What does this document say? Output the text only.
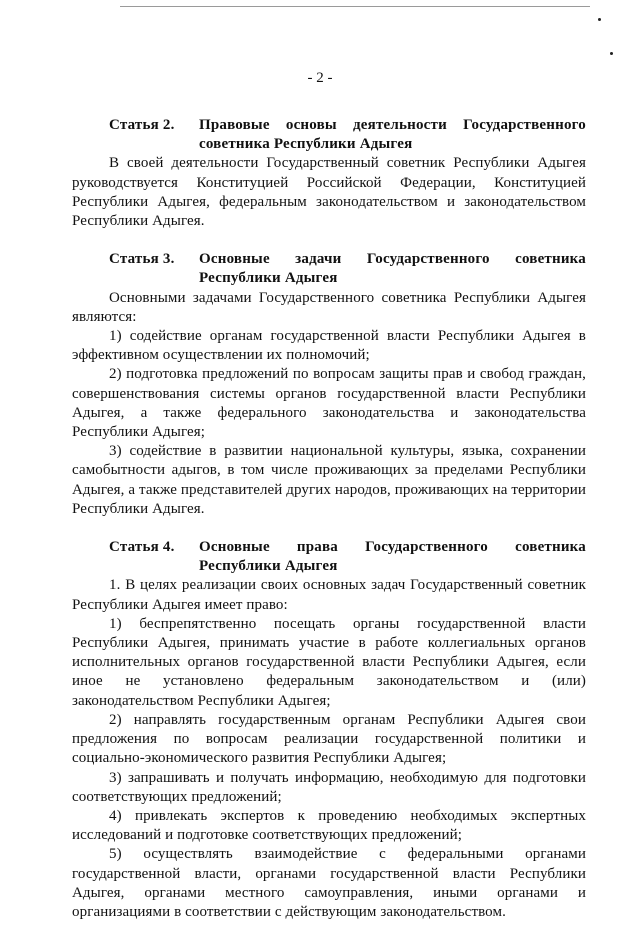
- 2 -
Статья 2.	Правовые основы деятельности Государственного советника Республики Адыгея

В своей деятельности Государственный советник Республики Адыгея руководствуется Конституцией Российской Федерации, Конституцией Республики Адыгея, федеральным законодательством и законодательством Республики Адыгея.

Статья 3.	Основные задачи Государственного советника Республики Адыгея

Основными задачами Государственного советника Республики Адыгея являются:

1) содействие органам государственной власти Республики Адыгея в эффективном осуществлении их полномочий;

2) подготовка предложений по вопросам защиты прав и свобод граждан, совершенствования системы органов государственной власти Республики Адыгея, а также федерального законодательства и законодательства Республики Адыгея;

3) содействие в развитии национальной культуры, языка, сохранении самобытности адыгов, в том числе проживающих за пределами Республики Адыгея, а также представителей других народов, проживающих на территории Республики Адыгея.

Статья 4.	Основные права Государственного советника Республики Адыгея

1. В целях реализации своих основных задач Государственный советник Республики Адыгея имеет право:

1) беспрепятственно посещать органы государственной власти Республики Адыгея, принимать участие в работе коллегиальных органов исполнительных органов государственной власти Республики Адыгея, если иное не установлено федеральным законодательством и (или) законодательством Республики Адыгея;

2) направлять государственным органам Республики Адыгея свои предложения по вопросам реализации государственной политики и социально-экономического развития Республики Адыгея;

3) запрашивать и получать информацию, необходимую для подготовки соответствующих предложений;

4) привлекать экспертов к проведению необходимых экспертных исследований и подготовке соответствующих предложений;

5) осуществлять взаимодействие с федеральными органами государственной власти, органами государственной власти Республики Адыгея, органами местного самоуправления, иными органами и организациями в соответствии с действующим законодательством.
